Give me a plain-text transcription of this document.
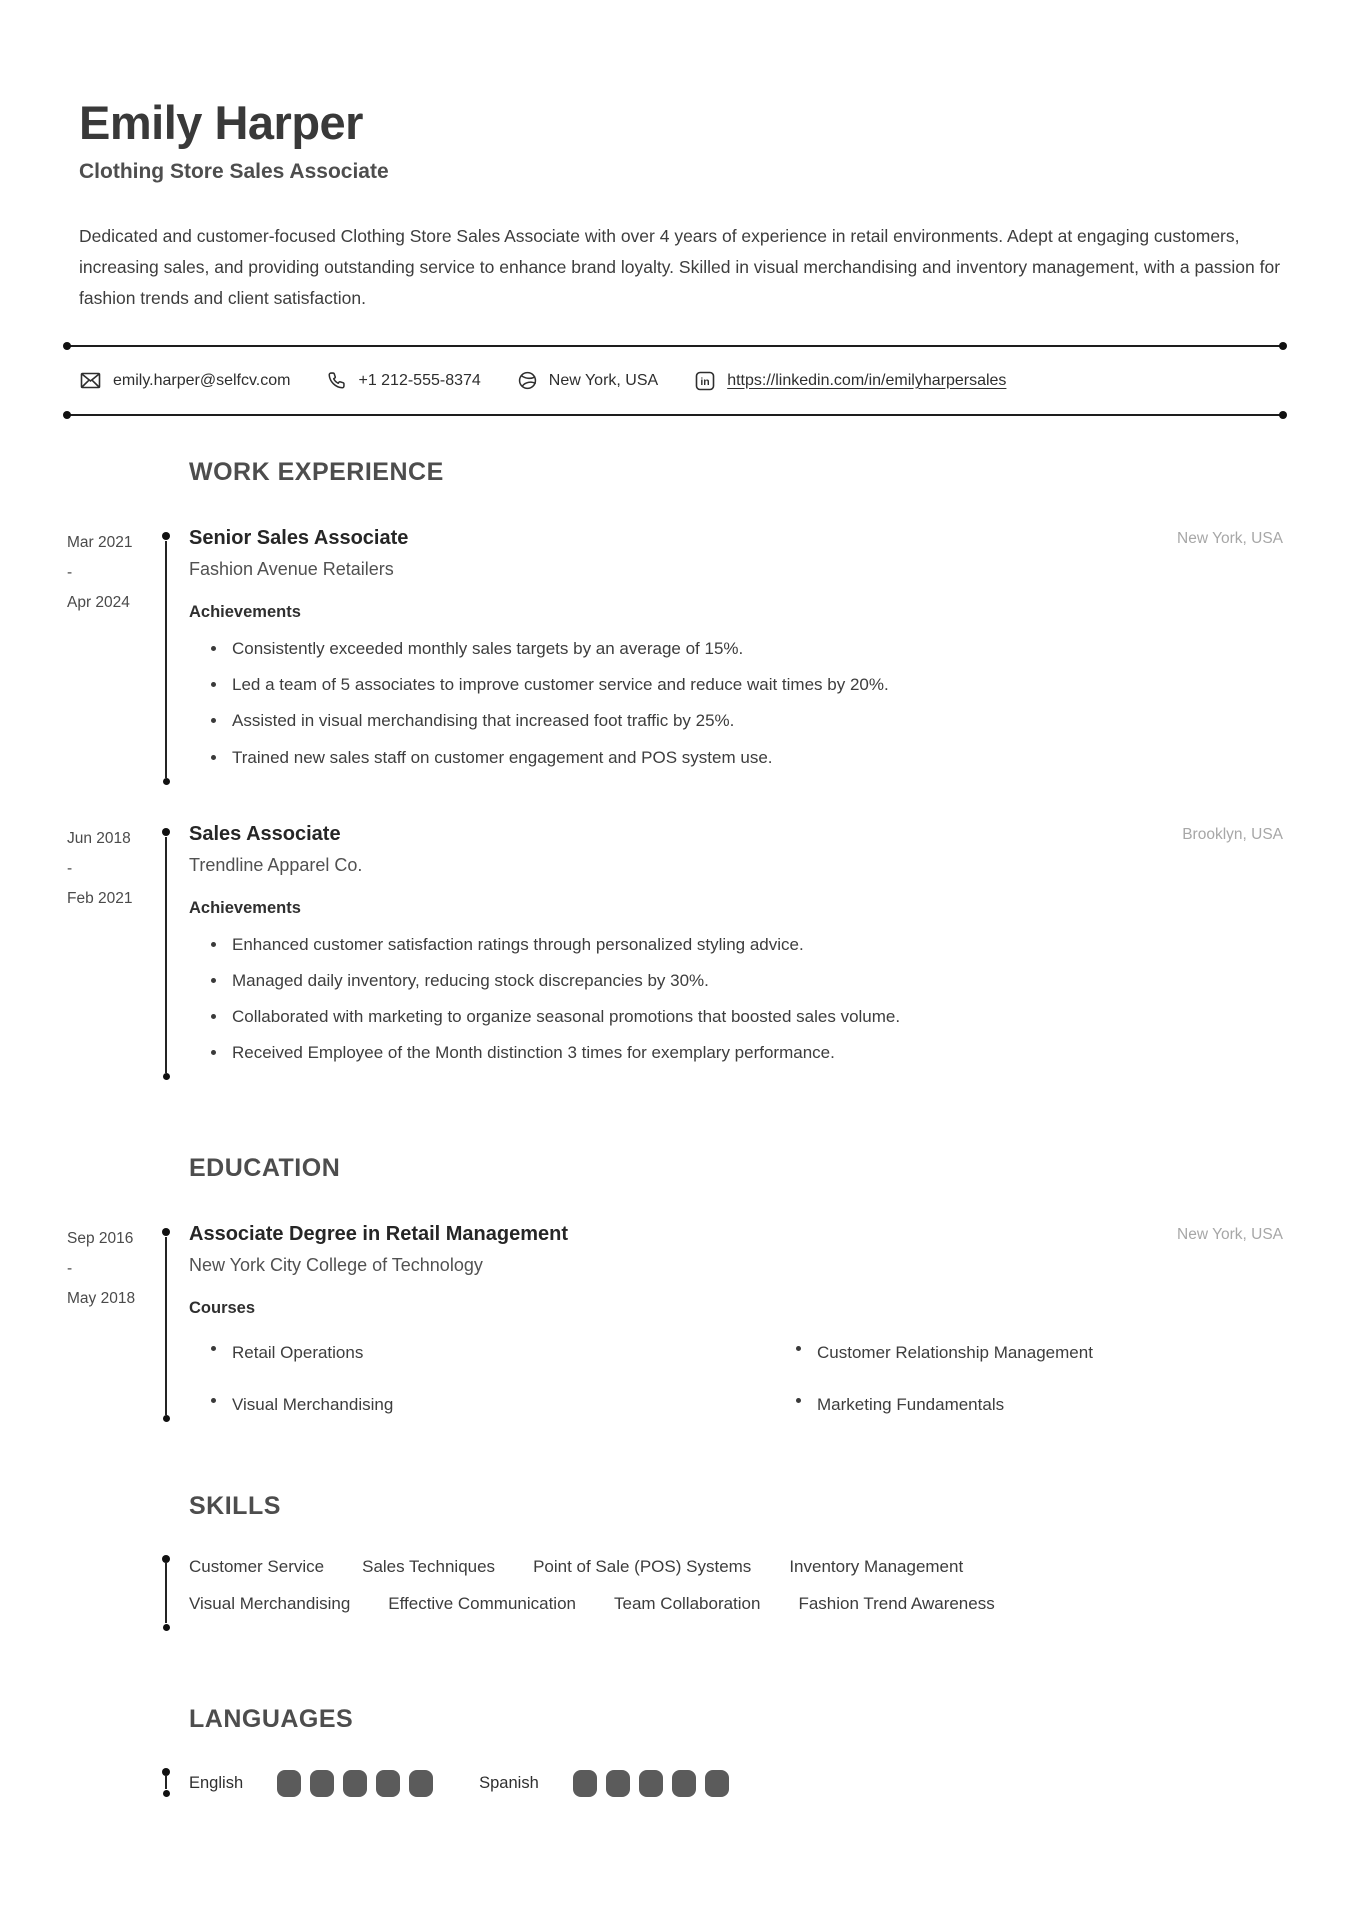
Emily Harper
Clothing Store Sales Associate

Dedicated and customer-focused Clothing Store Sales Associate with over 4 years of experience in retail environments. Adept at engaging customers, increasing sales, and providing outstanding service to enhance brand loyalty. Skilled in visual merchandising and inventory management, with a passion for fashion trends and client satisfaction.

emily.harper@selfcv.com	+1 212-555-8374	New York, USA	in https://linkedin.com/in/emilyharpersales
WORK EXPERIENCE
Mar 2021
-
Apr 2024
Senior Sales Associate	New York, USA
Fashion Avenue Retailers
Achievements
Consistently exceeded monthly sales targets by an average of 15%.
Led a team of 5 associates to improve customer service and reduce wait times by 20%.
Assisted in visual merchandising that increased foot traffic by 25%.
Trained new sales staff on customer engagement and POS system use.
Jun 2018
-
Feb 2021
Sales Associate	Brooklyn, USA
Trendline Apparel Co.
Achievements
Enhanced customer satisfaction ratings through personalized styling advice.
Managed daily inventory, reducing stock discrepancies by 30%.
Collaborated with marketing to organize seasonal promotions that boosted sales volume.
Received Employee of the Month distinction 3 times for exemplary performance.
EDUCATION
Sep 2016
-
May 2018
Associate Degree in Retail Management	New York, USA
New York City College of Technology
Courses
Retail Operations	Customer Relationship Management
Visual Merchandising	Marketing Fundamentals
SKILLS
Customer Service Sales Techniques Point of Sale (POS) Systems Inventory Management
Visual Merchandising Effective Communication Team Collaboration Fashion Trend Awareness
LANGUAGES
English	Spanish
